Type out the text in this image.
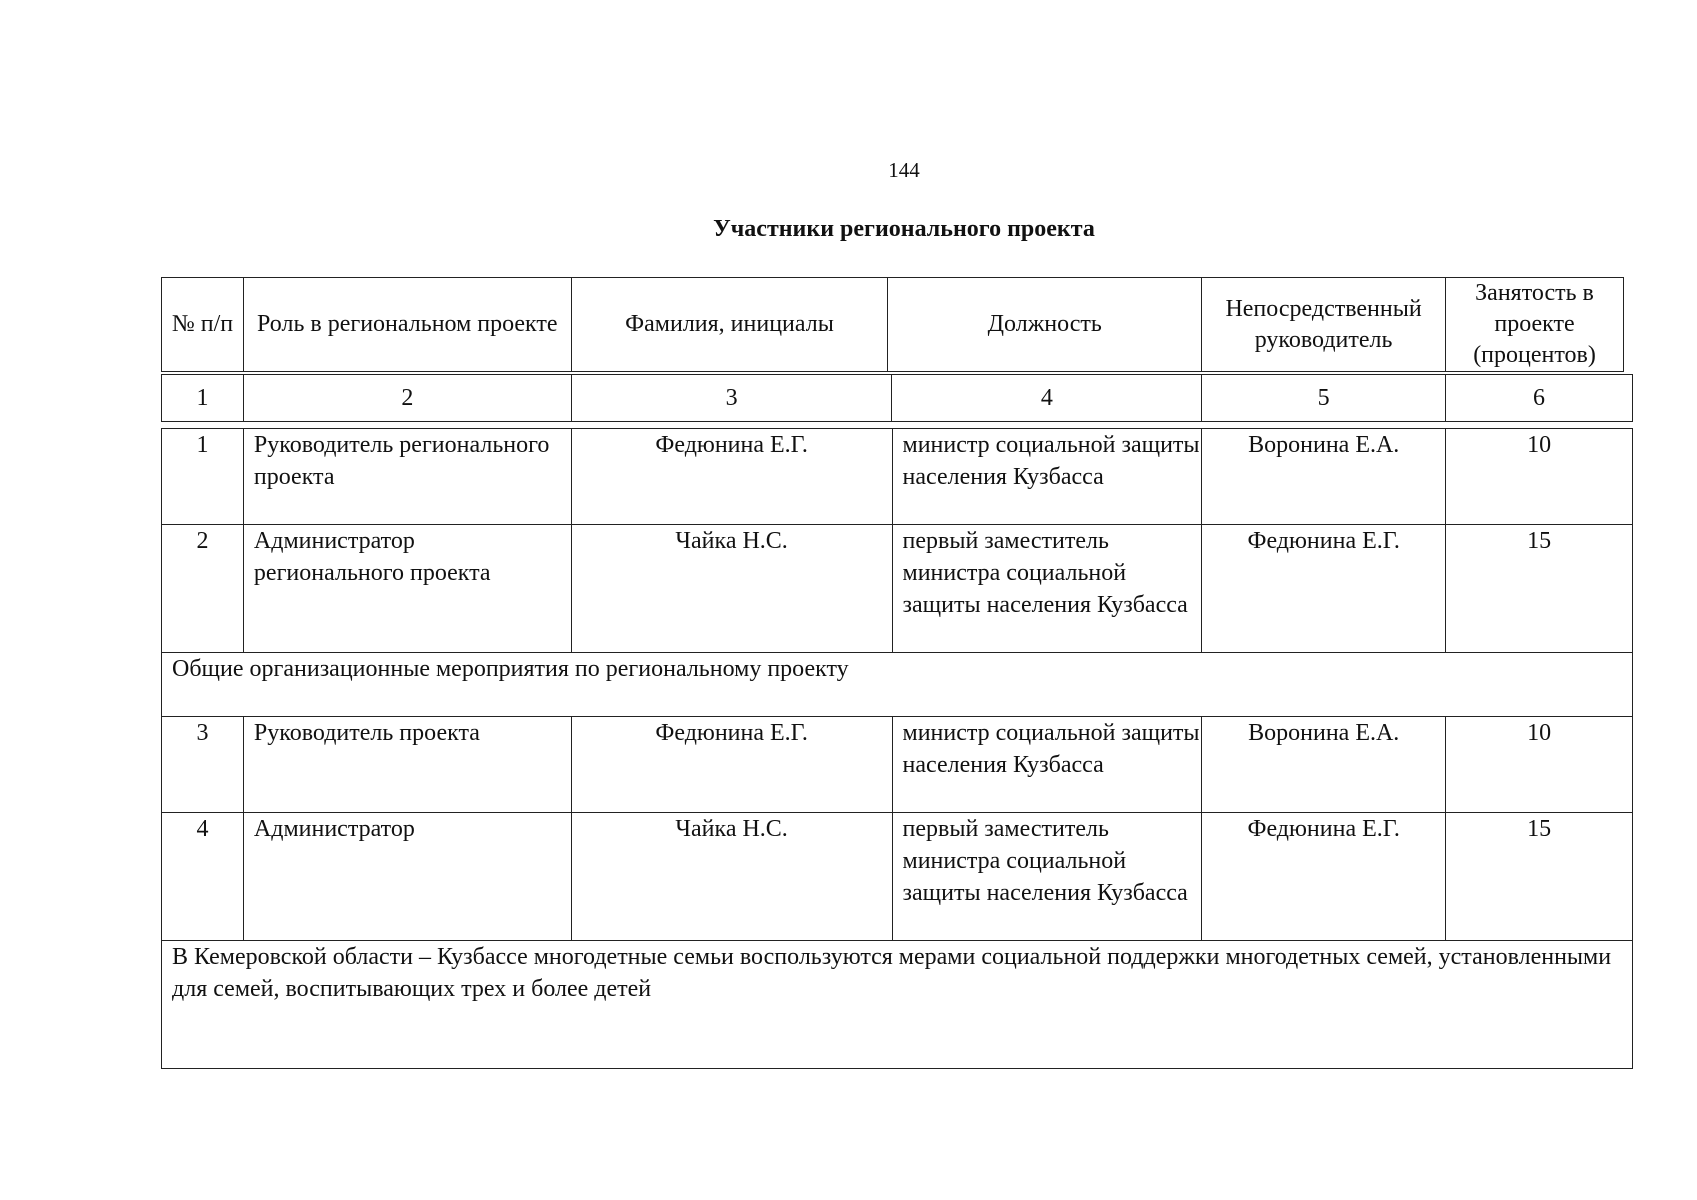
144
Участники регионального проекта
№ п/п	Роль в региональном проекте	Фамилия, инициалы	Должность	Непосредственный руководитель	Занятость в проекте (процентов)
1	2	3	4	5	6
1	Руководитель регионального проекта	Федюнина Е.Г.	министр социальной защиты населения Кузбасса	Воронина Е.А.	10
2	Администратор регионального проекта	Чайка Н.С.	первый заместитель министра социальной защиты населения Кузбасса	Федюнина Е.Г.	15
Общие организационные мероприятия по региональному проекту					
3	Руководитель проекта	Федюнина Е.Г.	министр социальной защиты населения Кузбасса	Воронина Е.А.	10
4	Администратор	Чайка Н.С.	первый заместитель министра социальной защиты населения Кузбасса	Федюнина Е.Г.	15
В Кемеровской области – Кузбассе многодетные семьи воспользуются мерами социальной поддержки многодетных семей, установленными для семей, воспитывающих трех и более детей					
